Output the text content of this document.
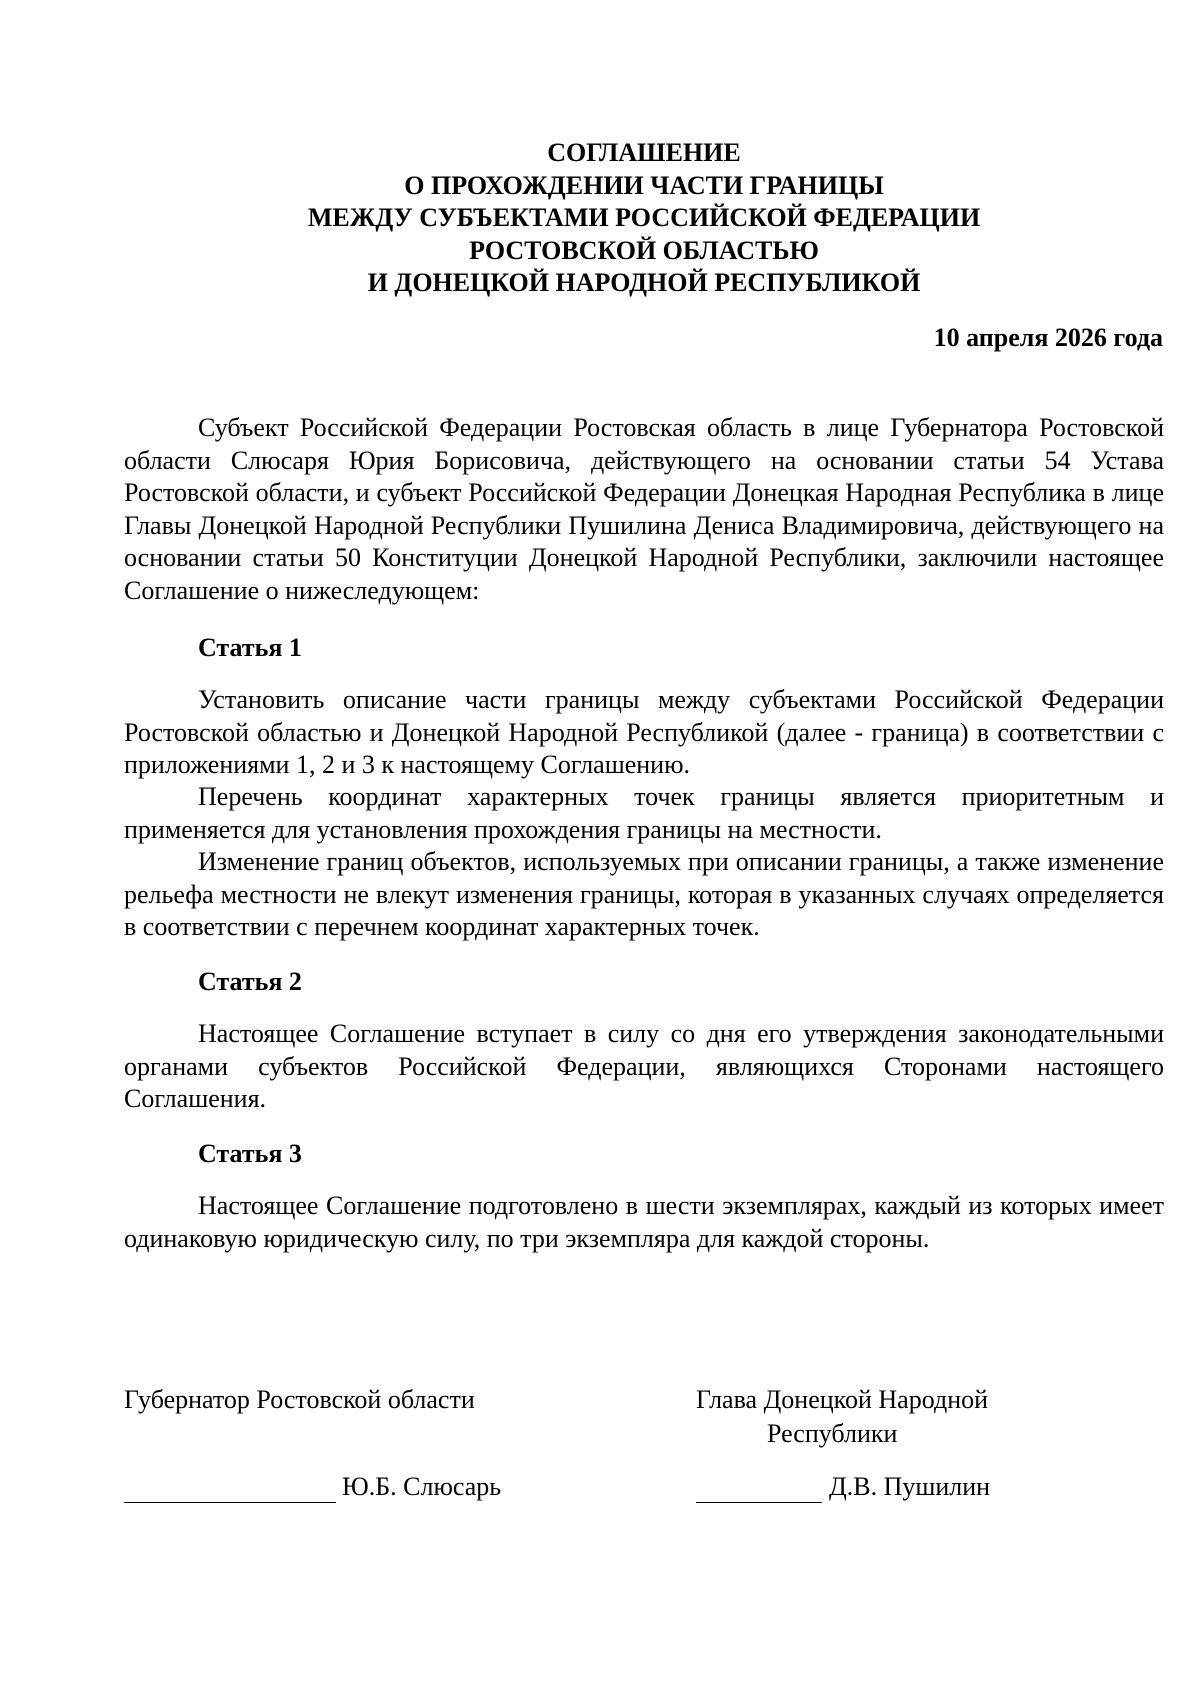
СОГЛАШЕНИЕ
О ПРОХОЖДЕНИИ ЧАСТИ ГРАНИЦЫ
МЕЖДУ СУБЪЕКТАМИ РОССИЙСКОЙ ФЕДЕРАЦИИ
РОСТОВСКОЙ ОБЛАСТЬЮ
И ДОНЕЦКОЙ НАРОДНОЙ РЕСПУБЛИКОЙ
10 апреля 2026 года

Субъект Российской Федерации Ростовская область в лице Губернатора Ростовской области Слюсаря Юрия Борисовича, действующего на основании статьи 54 Устава Ростовской области, и субъект Российской Федерации Донецкая Народная Республика в лице Главы Донецкой Народной Республики Пушилина Дениса Владимировича, действующего на основании статьи 50 Конституции Донецкой Народной Республики, заключили настоящее Соглашение о нижеследующем:

Статья 1

Установить описание части границы между субъектами Российской Федерации Ростовской областью и Донецкой Народной Республикой (далее - граница) в соответствии с приложениями 1, 2 и 3 к настоящему Соглашению.

Перечень координат характерных точек границы является приоритетным и применяется для установления прохождения границы на местности.

Изменение границ объектов, используемых при описании границы, а также изменение рельефа местности не влекут изменения границы, которая в указанных случаях определяется в соответствии с перечнем координат характерных точек.

Статья 2

Настоящее Соглашение вступает в силу со дня его утверждения законодательными органами субъектов Российской Федерации, являющихся Сторонами настоящего Соглашения.

Статья 3

Настоящее Соглашение подготовлено в шести экземплярах, каждый из которых имеет одинаковую юридическую силу, по три экземпляра для каждой стороны.

Губернатор Ростовской области	Глава Донецкой Народной
Республики
Ю.Б. Слюсарь	Д.В. Пушилин
